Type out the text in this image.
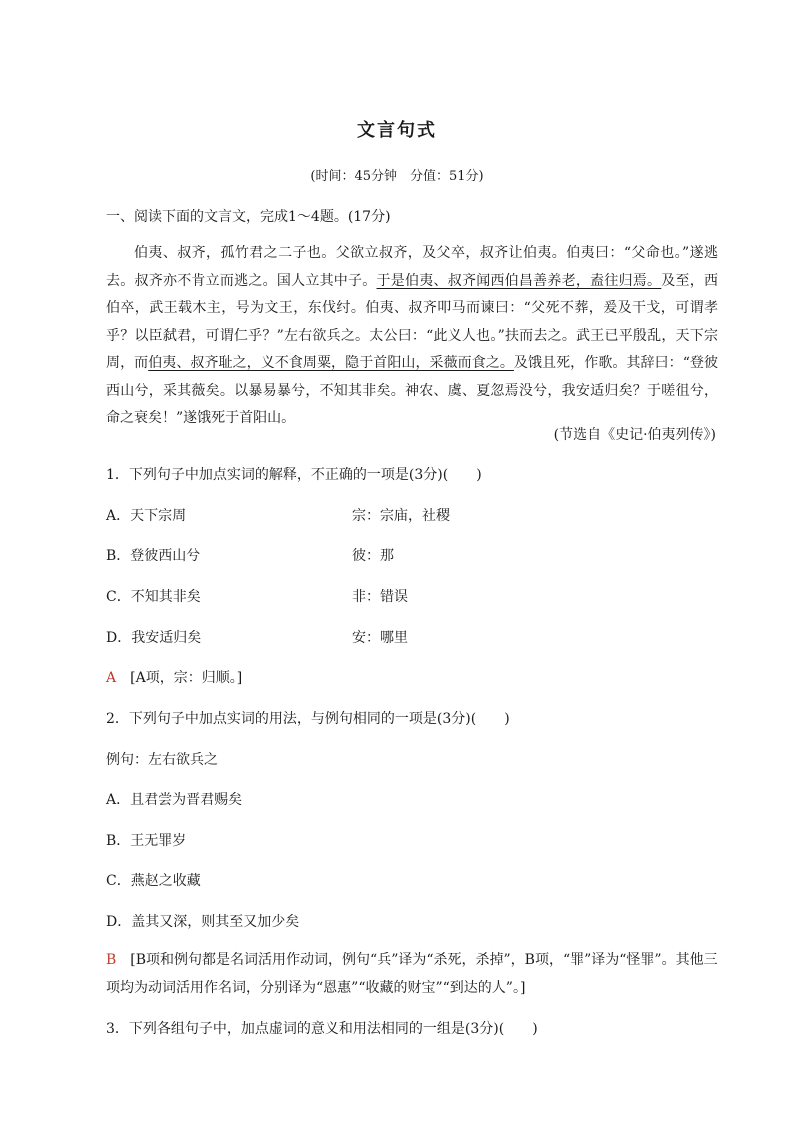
文言句式
(时间：45分钟　分值：51分)
一、阅读下面的文言文，完成1～4题。(17分)

伯夷、叔齐，孤竹君之二子也。父欲立叔齐，及父卒，叔齐让伯夷。伯夷曰：“父命也。”遂逃去。叔齐亦不肯立而逃之。国人立其中子。于是伯夷、叔齐闻西伯昌善养老，盍往归焉。及至，西伯卒，武王载木主，号为文王，东伐纣。伯夷、叔齐叩马而谏曰：“父死不葬，爰及干戈，可谓孝乎？以臣弑君，可谓仁乎？”左右欲兵之。太公曰：“此义人也。”扶而去之。武王已平殷乱，天下宗周，而伯夷、叔齐耻之，义不食周粟，隐于首阳山，采薇而食之。及饿且死，作歌。其辞曰：“登彼西山兮，采其薇矣。以暴易暴兮，不知其非矣。神农、虞、夏忽焉没兮，我安适归矣？于嗟徂兮，命之衰矣！”遂饿死于首阳山。

(节选自《史记·伯夷列传》)
1．下列句子中加点实词的解释，不正确的一项是(3分)(　　)
A．天下宗周	宗：宗庙，社稷
B．登彼西山兮	彼：那
C．不知其非矣	非：错误
D．我安适归矣	安：哪里
A　 [A项，宗：归顺。]
2．下列句子中加点实词的用法，与例句相同的一项是(3分)(　　)
例句：左右欲兵之
A．且君尝为晋君赐矣
B．王无罪岁
C．燕赵之收藏
D．盖其又深，则其至又加少矣

B　 [B项和例句都是名词活用作动词，例句“兵”译为“杀死，杀掉”，B项，“罪”译为“怪罪”。其他三项均为动词活用作名词，分别译为“恩惠”“收藏的财宝”“到达的人”。]

3．下列各组句子中，加点虚词的意义和用法相同的一组是(3分)(　　)
